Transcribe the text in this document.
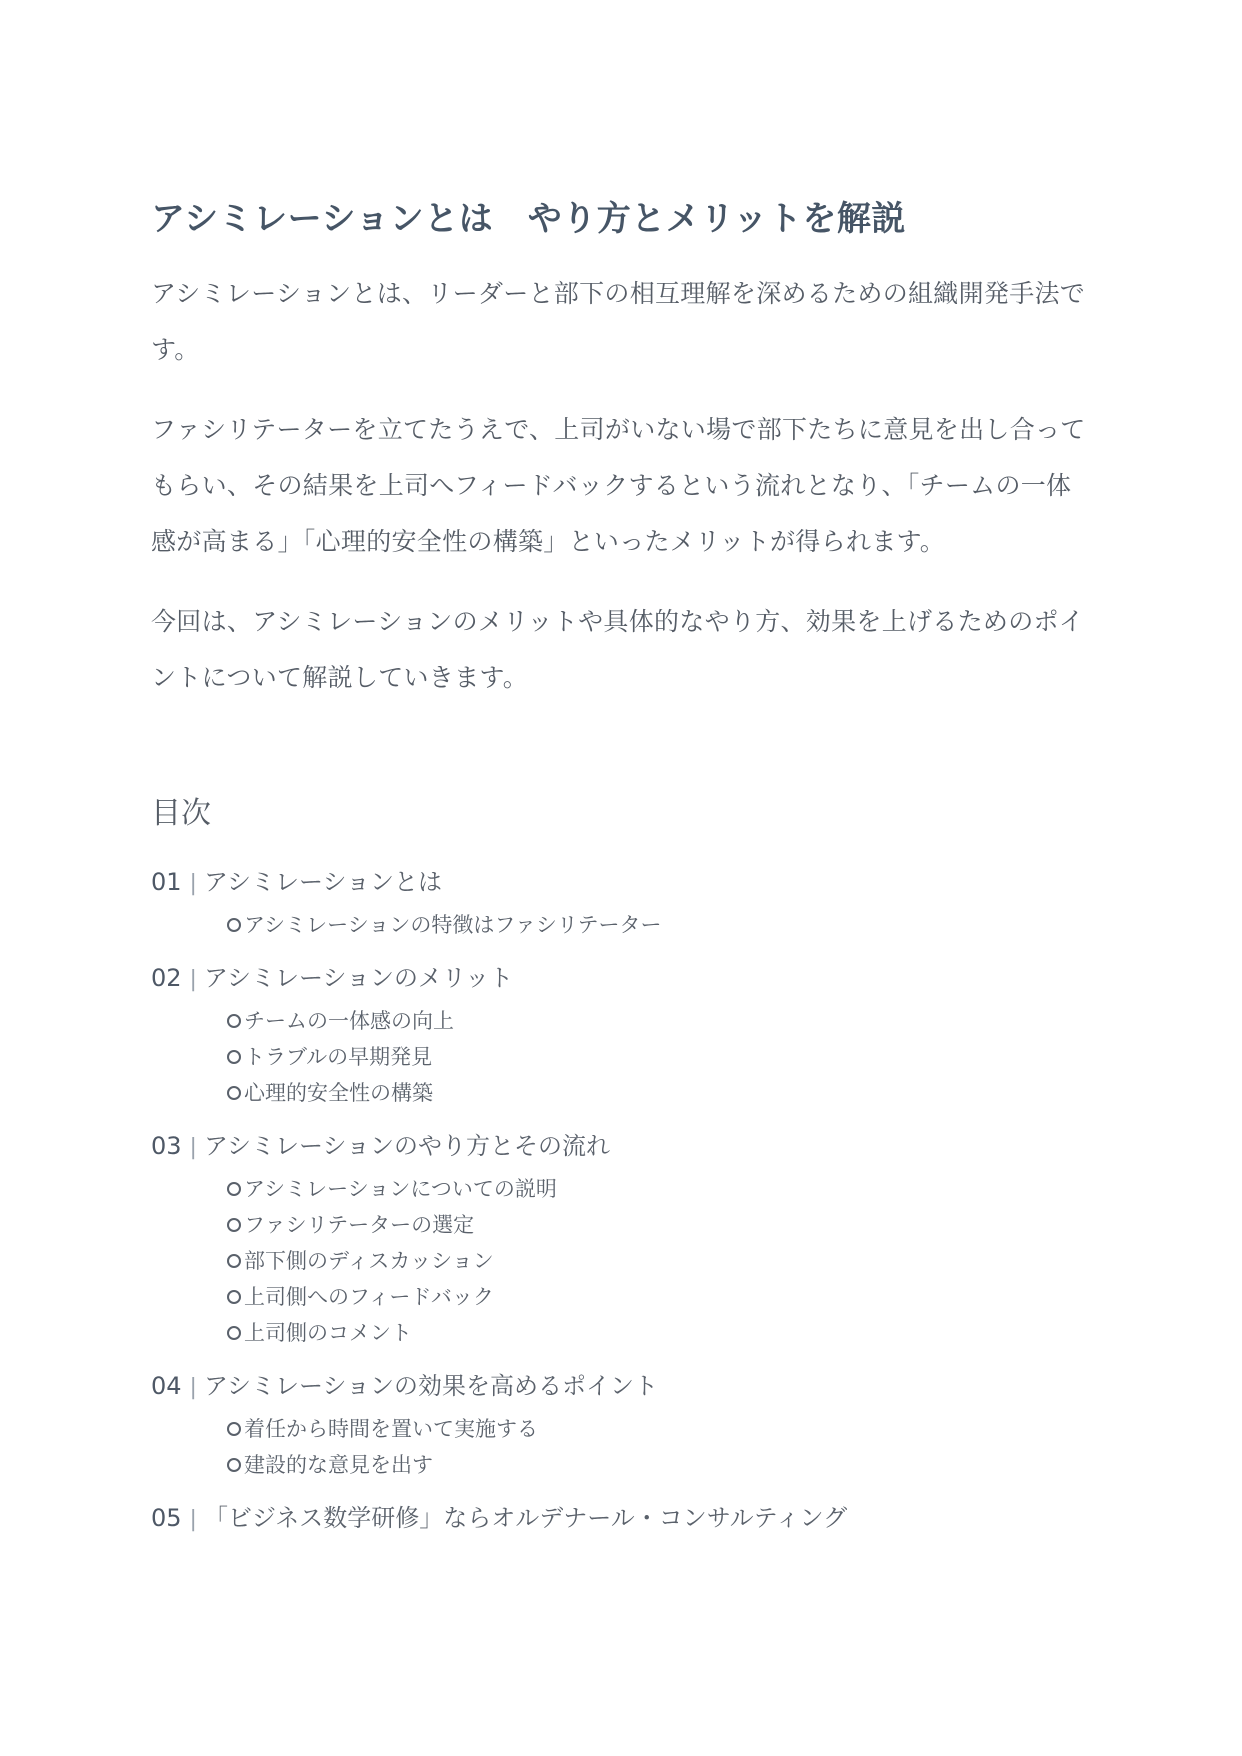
アシミレーションとは　やり方とメリットを解説

アシミレーションとは、リーダーと部下の相互理解を深めるための組織開発手法です。

ファシリテーターを立てたうえで、上司がいない場で部下たちに意見を出し合ってもらい、その結果を上司へフィードバックするという流れとなり、「チームの一体感が高まる」「心理的安全性の構築」といったメリットが得られます。

今回は、アシミレーションのメリットや具体的なやり方、効果を上げるためのポイントについて解説していきます。

目次
01 | アシミレーションとは
アシミレーションの特徴はファシリテーター
02 | アシミレーションのメリット
チームの一体感の向上
トラブルの早期発見
心理的安全性の構築
03 | アシミレーションのやり方とその流れ
アシミレーションについての説明
ファシリテーターの選定
部下側のディスカッション
上司側へのフィードバック
上司側のコメント
04 | アシミレーションの効果を高めるポイント
着任から時間を置いて実施する
建設的な意見を出す
05 | 「ビジネス数学研修」ならオルデナール・コンサルティング
